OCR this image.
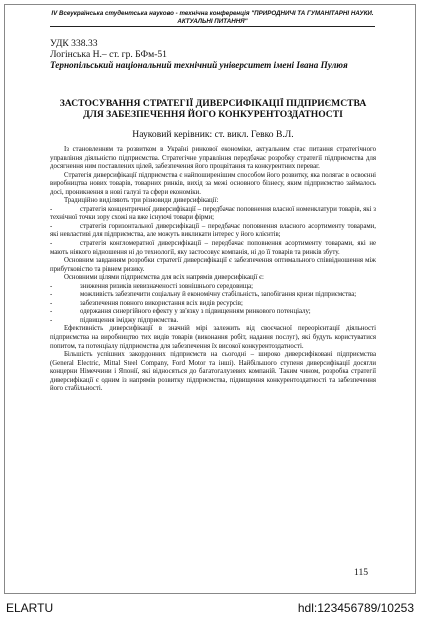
IV Всеукраїнська студентська науково - технічна конференція "ПРИРОДНИЧІ ТА ГУМАНІТАРНІ НАУКИ.
АКТУАЛЬНІ ПИТАННЯ"
УДК 338.33
Логінська Н.– ст. гр. БФм-51
Тернопільський національний технічний університет імені Івана Пулюя
ЗАСТОСУВАННЯ СТРАТЕГІЇ ДИВЕРСИФІКАЦІЇ ПІДПРИЄМСТВА
ДЛЯ ЗАБЕЗПЕЧЕННЯ ЙОГО КОНКУРЕНТОЗДАТНОСТІ
Науковий керівник: ст. викл. Гевко В.Л.

Із становленням та розвитком в Україні ринкової економіки, актуальним стає питання стратегічного управління діяльністю підприємства. Стратегічне управління передбачає розробку стратегії підприємства для досягнення ним поставлених цілей, забезпечення його процвітання та конкурентних переваг.

Стратегія диверсифікації підприємства є найпоширенішим способом його розвитку, яка полягає в освоєнні виробництва нових товарів, товарних ринків, вихід за межі основного бізнесу, яким підприємство займалось досі, проникнення в нові галузі та сфери економіки.

Традиційно виділяють три різновиди диверсифікації:

-	стратегія концентричної диверсифікації – передбачає поповнення власної номенклатури товарів, які з технічної точки зору схожі на вже існуючі товари фірми;

-	стратегія горизонтальної диверсифікації – передбачає поповнення власного асортименту товарами, які невластиві для підприємства, але можуть викликати інтерес у його клієнтів;

-	стратегія конгломератної диверсифікації – передбачає поповнення асортименту товарами, які не мають ніякого відношення ні до технології, яку застосовує компанія, ні до її товарів та ринків збуту.

Основним завданням розробки стратегії диверсифікації є забезпечення оптимального співвідношення між прибутковістю та рівнем ризику.

Основними цілями підприємства для всіх напрямів диверсифікації є:

-	зниження ризиків невизначеності зовнішнього середовища;

-	можливість забезпечити соціальну й економічну стабільність, запобігання кризи підприємства;

-	забезпечення повного використання всіх видів ресурсів;

-	одержання синергійного ефекту у зв'язку з підвищенням ринкового потенціалу;

-	підвищення іміджу підприємства.

Ефективність диверсифікації в значній мірі залежить від своєчасної переорієнтації діяльності підприємства на виробництво тих видів товарів (виконання робіт, надання послуг), які будуть користуватися попитом, та потенціалу підприємства для забезпечення їх високої конкурентоздатності.

Більшість успішних закордонних підприємств на сьогодні – широко диверсифіковані підприємства (General Electric, Mittal Steel Company, Ford Motor та інші). Найбільшого ступеня диверсифікації досягли концерни Німеччини і Японії, які відносяться до багатогалузевих компаній. Таким чином, розробка стратегії диверсифікації є одним із напрямів розвитку підприємства, підвищення конкурентоздатності та забезпечення його стабільності.

115
ELARTU	hdl:123456789/10253
